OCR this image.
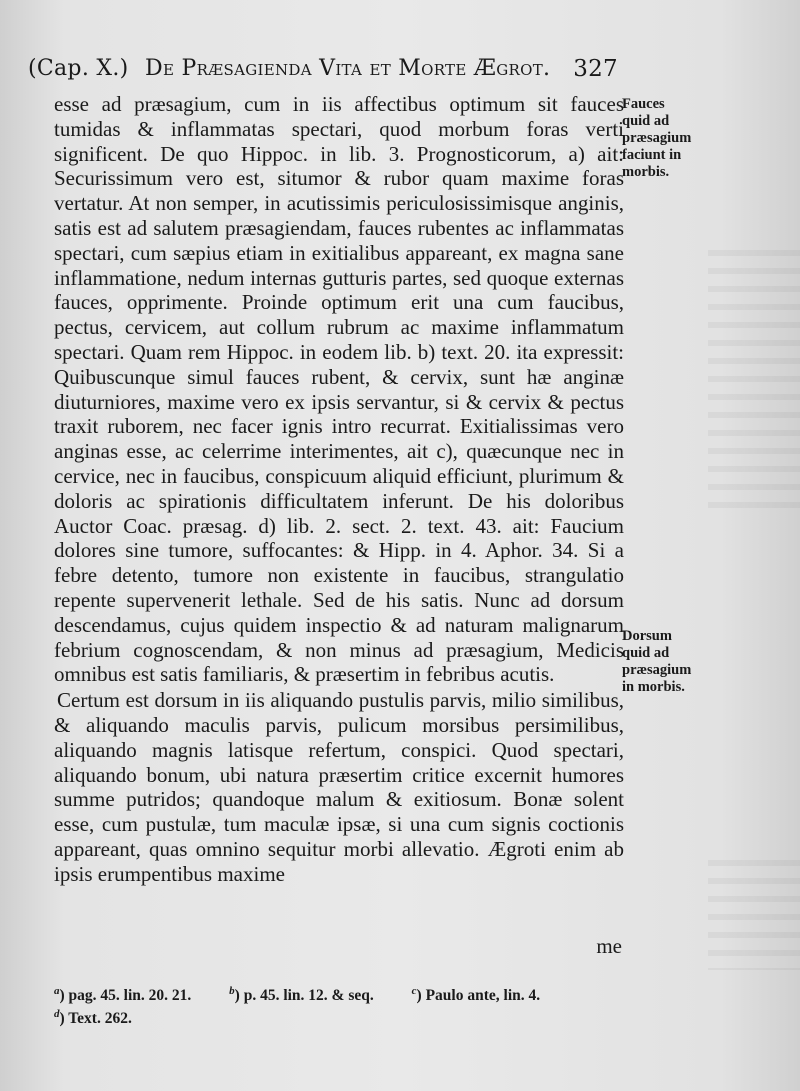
(Cap. X.) De Præsagienda Vita et Morte Ægrot. 327

esse ad præsagium, cum in iis affectibus optimum sit fauces tumidas & inflammatas spectari, quod morbum foras verti significent. De quo Hippoc. in lib. 3. Prognosticorum, a) ait: Securissimum vero est, situmor & rubor quam maxime foras vertatur. At non semper, in acutissimis periculosissimisque anginis, satis est ad salutem præsagiendam, fauces rubentes ac inflammatas spectari, cum sæpius etiam in exitialibus appareant, ex magna sane inflammatione, nedum internas gutturis partes, sed quoque externas fauces, opprimente. Proinde optimum erit una cum faucibus, pectus, cervicem, aut collum rubrum ac maxime inflammatum spectari. Quam rem Hippoc. in eodem lib. b) text. 20. ita expressit: Quibuscunque simul fauces rubent, & cervix, sunt hæ anginæ diuturniores, maxime vero ex ipsis servantur, si & cervix & pectus traxit ruborem, nec facer ignis intro recurrat. Exitialissimas vero anginas esse, ac celerrime interimentes, ait c), quæcunque nec in cervice, nec in faucibus, conspicuum aliquid efficiunt, plurimum & doloris ac spirationis difficultatem inferunt. De his doloribus Auctor Coac. præsag. d) lib. 2. sect. 2. text. 43. ait: Faucium dolores sine tumore, suffocantes: & Hipp. in 4. Aphor. 34. Si a febre detento, tumore non existente in faucibus, strangulatio repente supervenerit lethale. Sed de his satis. Nunc ad dorsum descendamus, cujus quidem inspectio & ad naturam malignarum febrium cognoscendam, & non minus ad præsagium, Medicis omnibus est satis familiaris, & præsertim in febribus acutis.

Certum est dorsum in iis aliquando pustulis parvis, milio similibus, & aliquando maculis parvis, pulicum morsibus persimilibus, aliquando magnis latisque refertum, conspici. Quod spectari, aliquando bonum, ubi natura præsertim critice excernit humores summe putridos; quandoque malum & exitiosum. Bonæ solent esse, cum pustulæ, tum maculæ ipsæ, si una cum signis coctionis appareant, quas omnino sequitur morbi allevatio. Ægroti enim ab ipsis erumpentibus maxime

Fauces quid ad præsagium faciunt in morbis.
Dorsum quid ad præsagium in morbis.
me
$^a$) pag. 45. lin. 20. 21.	$^b$) p. 45. lin. 12. & seq.	$^c$) Paulo ante, lin. 4.
$^d$) Text. 262.
